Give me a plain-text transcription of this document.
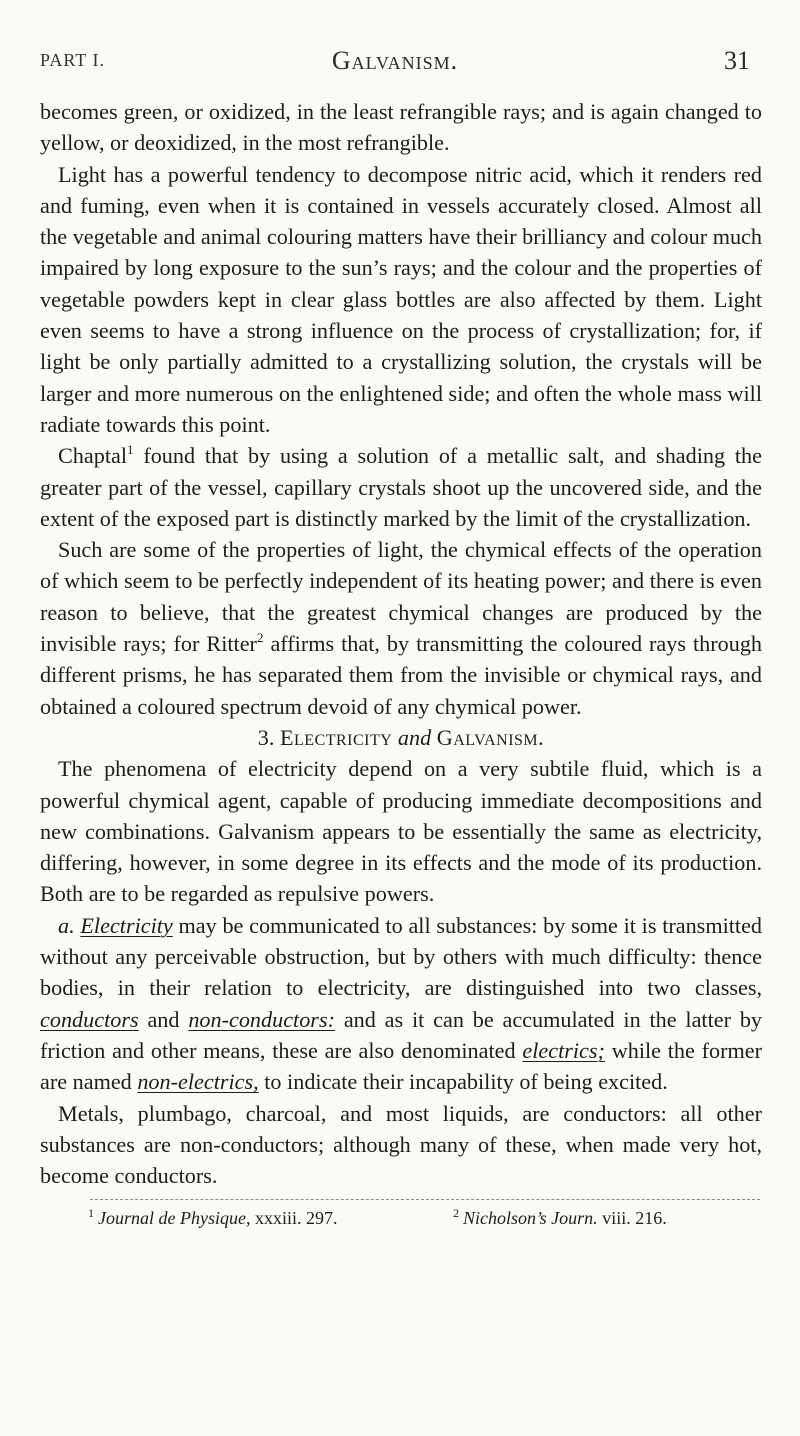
PART I.	Galvanism.	31

becomes green, or oxidized, in the least refrangible rays; and is again changed to yellow, or deoxidized, in the most refrangible.

Light has a powerful tendency to decompose nitric acid, which it renders red and fuming, even when it is contained in vessels accurately closed. Almost all the vegetable and animal colouring matters have their brilliancy and colour much impaired by long exposure to the sun’s rays; and the colour and the properties of vegetable powders kept in clear glass bottles are also affected by them. Light even seems to have a strong influence on the process of crystallization; for, if light be only partially admitted to a crystallizing solution, the crystals will be larger and more numerous on the enlightened side; and often the whole mass will radiate towards this point.

Chaptal$^1$ found that by using a solution of a metallic salt, and shading the greater part of the vessel, capillary crystals shoot up the uncovered side, and the extent of the exposed part is distinctly marked by the limit of the crystallization.

Such are some of the properties of light, the chymical effects of the operation of which seem to be perfectly independent of its heating power; and there is even reason to believe, that the greatest chymical changes are produced by the invisible rays; for Ritter$^2$ affirms that, by transmitting the coloured rays through different prisms, he has separated them from the invisible or chymical rays, and obtained a coloured spectrum devoid of any chymical power.

3. Electricity and Galvanism.

The phenomena of electricity depend on a very subtile fluid, which is a powerful chymical agent, capable of producing immediate decompositions and new combinations. Galvanism appears to be essentially the same as electricity, differing, however, in some degree in its effects and the mode of its production. Both are to be regarded as repulsive powers.

a. Electricity may be communicated to all substances: by some it is transmitted without any perceivable obstruction, but by others with much difficulty: thence bodies, in their relation to electricity, are distinguished into two classes, conductors and non-conductors: and as it can be accumulated in the latter by friction and other means, these are also denominated electrics; while the former are named non-electrics, to indicate their incapability of being excited.

Metals, plumbago, charcoal, and most liquids, are conductors: all other substances are non-conductors; although many of these, when made very hot, become conductors.

$^1$ Journal de Physique, xxxiii. 297.	$^2$ Nicholson’s Journ. viii. 216.
